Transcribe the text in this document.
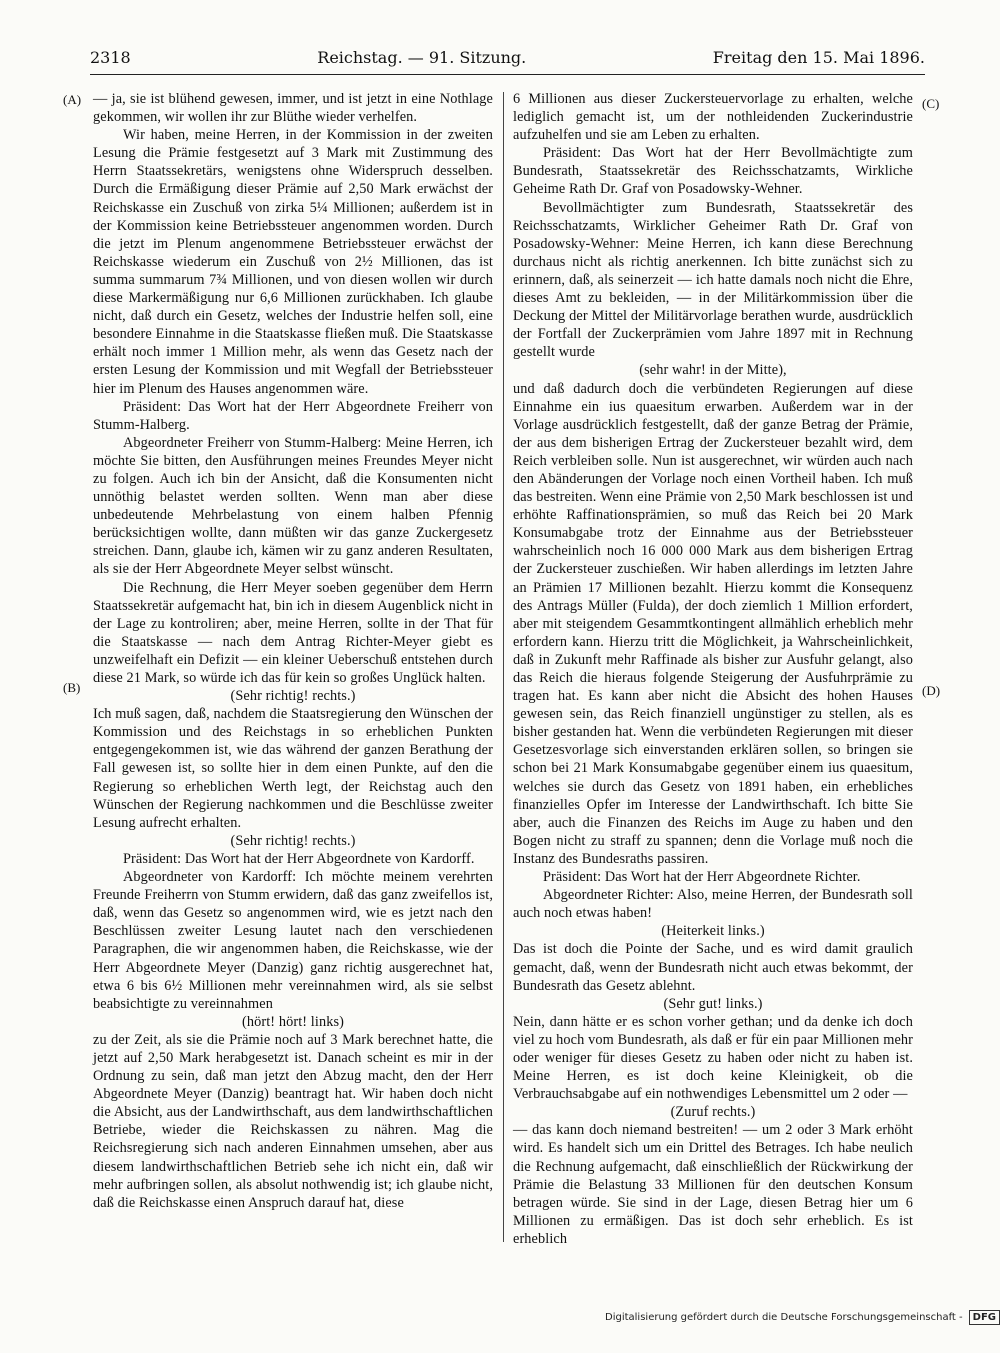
2318	Reichstag. — 91. Sitzung.	Freitag den 15. Mai 1896.
(A)
(B)
(C)
(D)

— ja, sie ist blühend gewesen, immer, und ist jetzt in eine Nothlage gekommen, wir wollen ihr zur Blüthe wieder verhelfen.

Wir haben, meine Herren, in der Kommission in der zweiten Lesung die Prämie festgesetzt auf 3 Mark mit Zustimmung des Herrn Staatssekretärs, wenigstens ohne Widerspruch desselben. Durch die Ermäßigung dieser Prämie auf 2,50 Mark erwächst der Reichskasse ein Zuschuß von zirka 5¼ Millionen; außerdem ist in der Kommission keine Betriebssteuer angenommen worden. Durch die jetzt im Plenum angenommene Betriebssteuer erwächst der Reichskasse wiederum ein Zuschuß von 2½ Millionen, das ist summa summarum 7¾ Millionen, und von diesen wollen wir durch diese Markermäßigung nur 6,6 Millionen zurückhaben. Ich glaube nicht, daß durch ein Gesetz, welches der Industrie helfen soll, eine besondere Einnahme in die Staatskasse fließen muß. Die Staatskasse erhält noch immer 1 Million mehr, als wenn das Gesetz nach der ersten Lesung der Kommission und mit Wegfall der Betriebssteuer hier im Plenum des Hauses angenommen wäre.

Präsident: Das Wort hat der Herr Abgeordnete Freiherr von Stumm-Halberg.

Abgeordneter Freiherr von Stumm-Halberg: Meine Herren, ich möchte Sie bitten, den Ausführungen meines Freundes Meyer nicht zu folgen. Auch ich bin der Ansicht, daß die Konsumenten nicht unnöthig belastet werden sollten. Wenn man aber diese unbedeutende Mehrbelastung von einem halben Pfennig berücksichtigen wollte, dann müßten wir das ganze Zuckergesetz streichen. Dann, glaube ich, kämen wir zu ganz anderen Resultaten, als sie der Herr Abgeordnete Meyer selbst wünscht.

Die Rechnung, die Herr Meyer soeben gegenüber dem Herrn Staatssekretär aufgemacht hat, bin ich in diesem Augenblick nicht in der Lage zu kontroliren; aber, meine Herren, sollte in der That für die Staatskasse — nach dem Antrag Richter-Meyer giebt es unzweifelhaft ein Defizit — ein kleiner Ueberschuß entstehen durch diese 21 Mark, so würde ich das für kein so großes Unglück halten.

(Sehr richtig! rechts.)

Ich muß sagen, daß, nachdem die Staatsregierung den Wünschen der Kommission und des Reichstags in so erheblichen Punkten entgegengekommen ist, wie das während der ganzen Berathung der Fall gewesen ist, so sollte hier in dem einen Punkte, auf den die Regierung so erheblichen Werth legt, der Reichstag auch den Wünschen der Regierung nachkommen und die Beschlüsse zweiter Lesung aufrecht erhalten.

(Sehr richtig! rechts.)

Präsident: Das Wort hat der Herr Abgeordnete von Kardorff.

Abgeordneter von Kardorff: Ich möchte meinem verehrten Freunde Freiherrn von Stumm erwidern, daß das ganz zweifellos ist, daß, wenn das Gesetz so angenommen wird, wie es jetzt nach den Beschlüssen zweiter Lesung lautet nach den verschiedenen Paragraphen, die wir angenommen haben, die Reichskasse, wie der Herr Abgeordnete Meyer (Danzig) ganz richtig ausgerechnet hat, etwa 6 bis 6½ Millionen mehr vereinnahmen wird, als sie selbst beabsichtigte zu vereinnahmen

(hört! hört! links)

zu der Zeit, als sie die Prämie noch auf 3 Mark berechnet hatte, die jetzt auf 2,50 Mark herabgesetzt ist. Danach scheint es mir in der Ordnung zu sein, daß man jetzt den Abzug macht, den der Herr Abgeordnete Meyer (Danzig) beantragt hat. Wir haben doch nicht die Absicht, aus der Landwirthschaft, aus dem landwirthschaftlichen Betriebe, wieder die Reichskassen zu nähren. Mag die Reichsregierung sich nach anderen Einnahmen umsehen, aber aus diesem landwirthschaftlichen Betrieb sehe ich nicht ein, daß wir mehr aufbringen sollen, als absolut nothwendig ist; ich glaube nicht, daß die Reichskasse einen Anspruch darauf hat, diese

6 Millionen aus dieser Zuckersteuervorlage zu erhalten, welche lediglich gemacht ist, um der nothleidenden Zuckerindustrie aufzuhelfen und sie am Leben zu erhalten.

Präsident: Das Wort hat der Herr Bevollmächtigte zum Bundesrath, Staatssekretär des Reichsschatzamts, Wirkliche Geheime Rath Dr. Graf von Posadowsky-Wehner.

Bevollmächtigter zum Bundesrath, Staatssekretär des Reichsschatzamts, Wirklicher Geheimer Rath Dr. Graf von Posadowsky-Wehner: Meine Herren, ich kann diese Berechnung durchaus nicht als richtig anerkennen. Ich bitte zunächst sich zu erinnern, daß, als seinerzeit — ich hatte damals noch nicht die Ehre, dieses Amt zu bekleiden, — in der Militärkommission über die Deckung der Mittel der Militärvorlage berathen wurde, ausdrücklich der Fortfall der Zuckerprämien vom Jahre 1897 mit in Rechnung gestellt wurde

(sehr wahr! in der Mitte),

und daß dadurch doch die verbündeten Regierungen auf diese Einnahme ein ius quaesitum erwarben. Außerdem war in der Vorlage ausdrücklich festgestellt, daß der ganze Betrag der Prämie, der aus dem bisherigen Ertrag der Zuckersteuer bezahlt wird, dem Reich verbleiben solle. Nun ist ausgerechnet, wir würden auch nach den Abänderungen der Vorlage noch einen Vortheil haben. Ich muß das bestreiten. Wenn eine Prämie von 2,50 Mark beschlossen ist und erhöhte Raffinationsprämien, so muß das Reich bei 20 Mark Konsumabgabe trotz der Einnahme aus der Betriebssteuer wahrscheinlich noch 16 000 000 Mark aus dem bisherigen Ertrag der Zuckersteuer zuschießen. Wir haben allerdings im letzten Jahre an Prämien 17 Millionen bezahlt. Hierzu kommt die Konsequenz des Antrags Müller (Fulda), der doch ziemlich 1 Million erfordert, aber mit steigendem Gesammtkontingent allmählich erheblich mehr erfordern kann. Hierzu tritt die Möglichkeit, ja Wahrscheinlichkeit, daß in Zukunft mehr Raffinade als bisher zur Ausfuhr gelangt, also das Reich die hieraus folgende Steigerung der Ausfuhrprämie zu tragen hat. Es kann aber nicht die Absicht des hohen Hauses gewesen sein, das Reich finanziell ungünstiger zu stellen, als es bisher gestanden hat. Wenn die verbündeten Regierungen mit dieser Gesetzesvorlage sich einverstanden erklären sollen, so bringen sie schon bei 21 Mark Konsumabgabe gegenüber einem ius quaesitum, welches sie durch das Gesetz von 1891 haben, ein erhebliches finanzielles Opfer im Interesse der Landwirthschaft. Ich bitte Sie aber, auch die Finanzen des Reichs im Auge zu haben und den Bogen nicht zu straff zu spannen; denn die Vorlage muß noch die Instanz des Bundesraths passiren.

Präsident: Das Wort hat der Herr Abgeordnete Richter.

Abgeordneter Richter: Also, meine Herren, der Bundesrath soll auch noch etwas haben!

(Heiterkeit links.)

Das ist doch die Pointe der Sache, und es wird damit graulich gemacht, daß, wenn der Bundesrath nicht auch etwas bekommt, der Bundesrath das Gesetz ablehnt.

(Sehr gut! links.)

Nein, dann hätte er es schon vorher gethan; und da denke ich doch viel zu hoch vom Bundesrath, als daß er für ein paar Millionen mehr oder weniger für dieses Gesetz zu haben oder nicht zu haben ist. Meine Herren, es ist doch keine Kleinigkeit, ob die Verbrauchsabgabe auf ein nothwendiges Lebensmittel um 2 oder —

(Zuruf rechts.)

— das kann doch niemand bestreiten! — um 2 oder 3 Mark erhöht wird. Es handelt sich um ein Drittel des Betrages. Ich habe neulich die Rechnung aufgemacht, daß einschließlich der Rückwirkung der Prämie die Belastung 33 Millionen für den deutschen Konsum betragen würde. Sie sind in der Lage, diesen Betrag hier um 6 Millionen zu ermäßigen. Das ist doch sehr erheblich. Es ist erheblich

Digitalisierung gefördert durch die Deutsche Forschungsgemeinschaft -	DFG
